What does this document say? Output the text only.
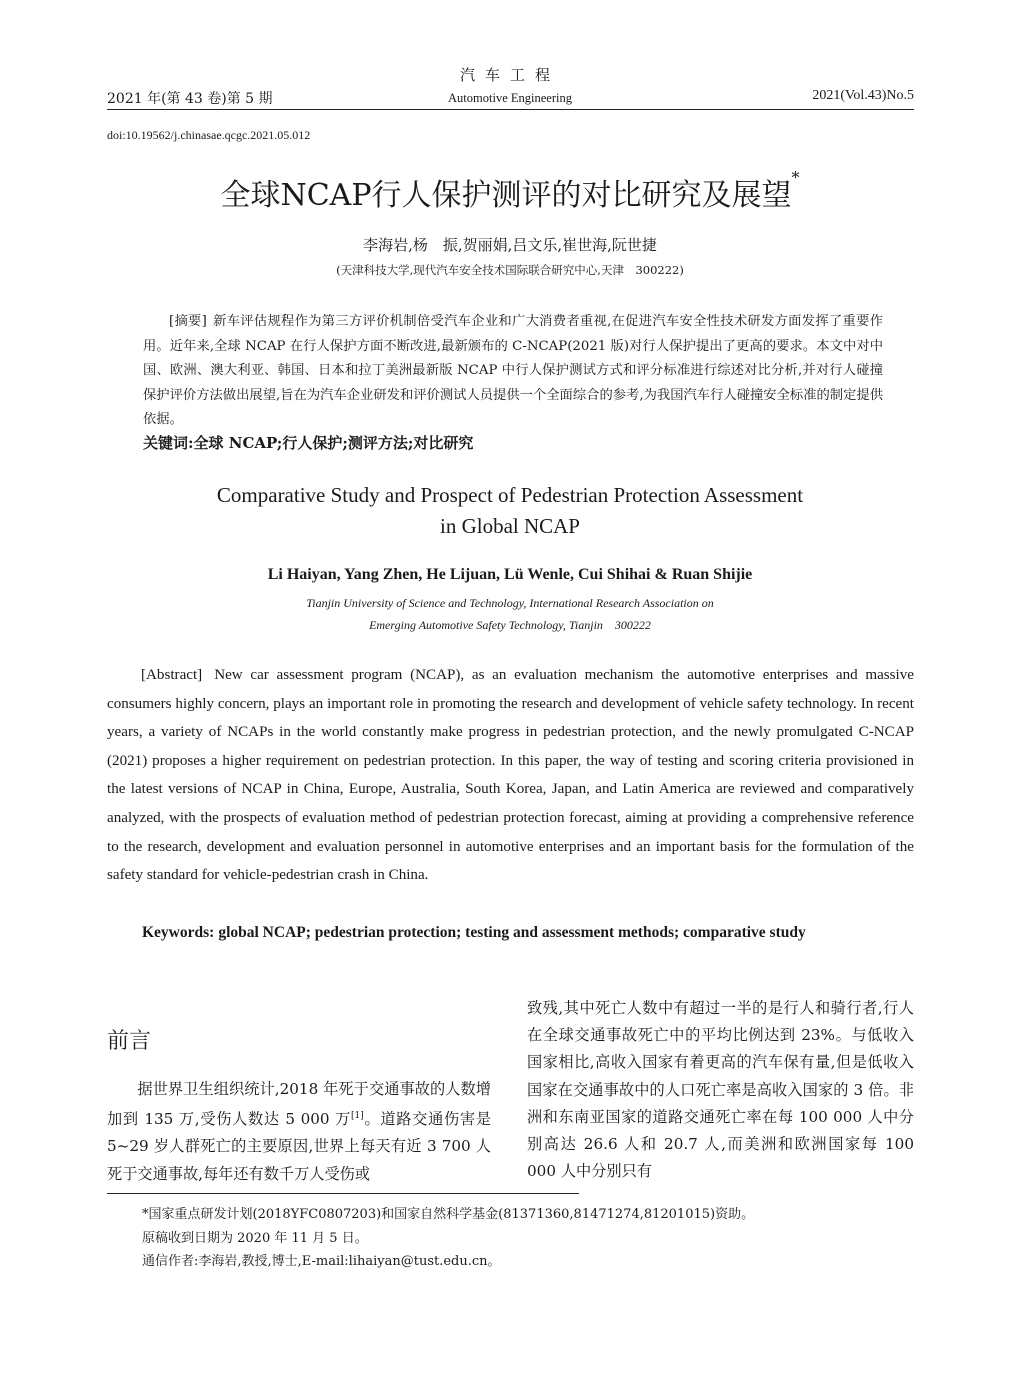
汽车工程
2021 年(第 43 卷)第 5 期	Automotive Engineering	2021(Vol.43)No.5
doi:10.19562/j.chinasae.qcgc.2021.05.012
全球NCAP行人保护测评的对比研究及展望*
李海岩,杨　振,贺丽娟,吕文乐,崔世海,阮世捷
(天津科技大学,现代汽车安全技术国际联合研究中心,天津　300222)
[摘要] 新车评估规程作为第三方评价机制倍受汽车企业和广大消费者重视,在促进汽车安全性技术研发方面发挥了重要作用。近年来,全球 NCAP 在行人保护方面不断改进,最新颁布的 C-NCAP(2021 版)对行人保护提出了更高的要求。本文中对中国、欧洲、澳大利亚、韩国、日本和拉丁美洲最新版 NCAP 中行人保护测试方式和评分标准进行综述对比分析,并对行人碰撞保护评价方法做出展望,旨在为汽车企业研发和评价测试人员提供一个全面综合的参考,为我国汽车行人碰撞安全标准的制定提供依据。
关键词:全球 NCAP;行人保护;测评方法;对比研究
Comparative Study and Prospect of Pedestrian Protection Assessment
in Global NCAP
Li Haiyan, Yang Zhen, He Lijuan, Lü Wenle, Cui Shihai & Ruan Shijie
Tianjin University of Science and Technology, International Research Association on
Emerging Automotive Safety Technology, Tianjin　300222
[Abstract] New car assessment program (NCAP), as an evaluation mechanism the automotive enterprises and massive consumers highly concern, plays an important role in promoting the research and development of vehicle safety technology. In recent years, a variety of NCAPs in the world constantly make progress in pedestrian protection, and the newly promulgated C-NCAP (2021) proposes a higher requirement on pedestrian protection. In this paper, the way of testing and scoring criteria provisioned in the latest versions of NCAP in China, Europe, Australia, South Korea, Japan, and Latin America are reviewed and comparatively analyzed, with the prospects of evaluation method of pedestrian protection forecast, aiming at providing a comprehensive reference to the research, development and evaluation personnel in automotive enterprises and an important basis for the formulation of the safety standard for vehicle-pedestrian crash in China.
Keywords: global NCAP; pedestrian protection; testing and assessment methods; comparative study
前言
据世界卫生组织统计,2018 年死于交通事故的人数增加到 135 万,受伤人数达 5 000 万[1]。道路交通伤害是 5~29 岁人群死亡的主要原因,世界上每天有近 3 700 人死于交通事故,每年还有数千万人受伤或
致残,其中死亡人数中有超过一半的是行人和骑行者,行人在全球交通事故死亡中的平均比例达到 23%。与低收入国家相比,高收入国家有着更高的汽车保有量,但是低收入国家在交通事故中的人口死亡率是高收入国家的 3 倍。非洲和东南亚国家的道路交通死亡率在每 100 000 人中分别高达 26.6 人和 20.7 人,而美洲和欧洲国家每 100 000 人中分别只有
*国家重点研发计划(2018YFC0807203)和国家自然科学基金(81371360,81471274,81201015)资助。
原稿收到日期为 2020 年 11 月 5 日。
通信作者:李海岩,教授,博士,E-mail:lihaiyan@tust.edu.cn。
